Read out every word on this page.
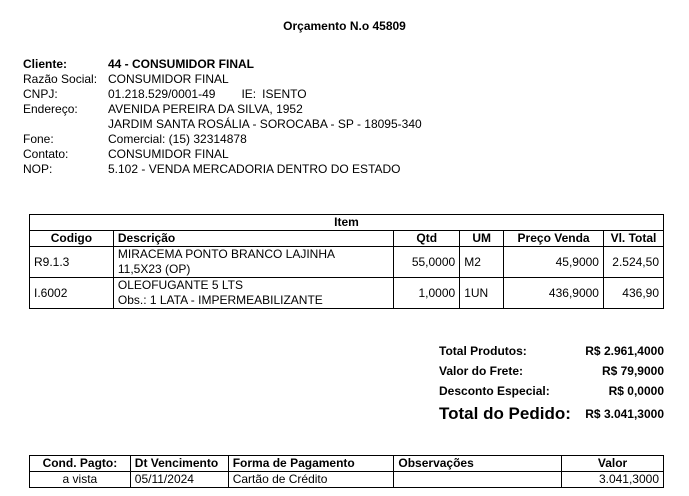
Orçamento N.o 45809
Cliente:	44 - CONSUMIDOR FINAL
Razão Social: CONSUMIDOR FINAL
CNPJ:	01.218.529/0001-49 IE: ISENTO
Endereço:	AVENIDA PEREIRA DA SILVA, 1952
JARDIM SANTA ROSÁLIA - SOROCABA - SP - 18095-340
Fone:	Comercial: (15) 32314878
Contato:	CONSUMIDOR FINAL
NOP:	5.102 - VENDA MERCADORIA DENTRO DO ESTADO
Item					
Codigo	Descrição	Qtd	UM	Preço Venda	Vl. Total
R9.1.3	MIRACEMA PONTO BRANCO LAJINHA
11,5X23 (OP)	55,0000	M2	45,9000	2.524,50
I.6002	OLEOFUGANTE 5 LTS
Obs.: 1 LATA - IMPERMEABILIZANTE	1,0000	1UN	436,9000	436,90
Total Produtos:	R$ 2.961,4000
Valor do Frete:	R$ 79,9000
Desconto Especial:	R$ 0,0000
Total do Pedido: R$ 3.041,3000
Cond. Pagto:	Dt Vencimento	Forma de Pagamento	Observações	Valor
a vista	05/11/2024	Cartão de Crédito		3.041,3000
